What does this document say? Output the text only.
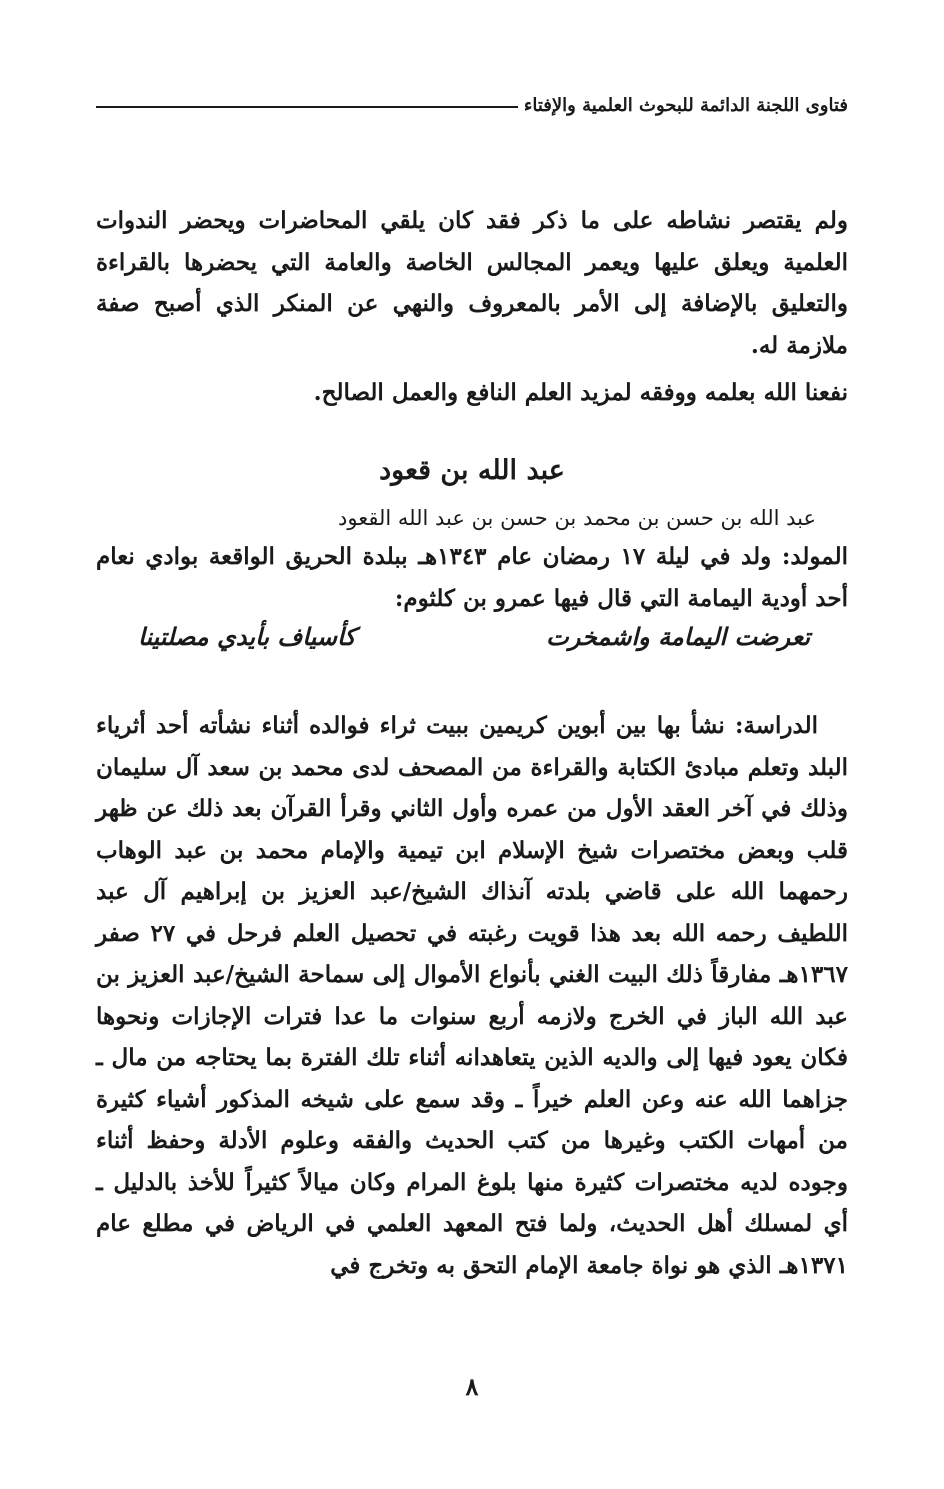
فتاوى اللجنة الدائمة للبحوث العلمية والإفتاء

ولم يقتصر نشاطه على ما ذكر فقد كان يلقي المحاضرات ويحضر الندوات العلمية ويعلق عليها ويعمر المجالس الخاصة والعامة التي يحضرها بالقراءة والتعليق بالإضافة إلى الأمر بالمعروف والنهي عن المنكر الذي أصبح صفة ملازمة له.

نفعنا الله بعلمه ووفقه لمزيد العلم النافع والعمل الصالح.

عبد الله بن قعود
عبد الله بن حسن بن محمد بن حسن بن عبد الله القعود

المولد: ولد في ليلة ١٧ رمضان عام ١٣٤٣هـ ببلدة الحريق الواقعة بوادي نعام أحد أودية اليمامة التي قال فيها عمرو بن كلثوم:

تعرضت اليمامة واشمخرت
كأسياف بأيدي مصلتينا

الدراسة: نشأ بها بين أبوين كريمين ببيت ثراء فوالده أثناء نشأته أحد أثرياء البلد وتعلم مبادئ الكتابة والقراءة من المصحف لدى محمد بن سعد آل سليمان وذلك في آخر العقد الأول من عمره وأول الثاني وقرأ القرآن بعد ذلك عن ظهر قلب وبعض مختصرات شيخ الإسلام ابن تيمية والإمام محمد بن عبد الوهاب رحمهما الله على قاضي بلدته آنذاك الشيخ/عبد العزيز بن إبراهيم آل عبد اللطيف رحمه الله بعد هذا قويت رغبته في تحصيل العلم فرحل في ٢٧ صفر ١٣٦٧هـ مفارقاً ذلك البيت الغني بأنواع الأموال إلى سماحة الشيخ/عبد العزيز بن عبد الله الباز في الخرج ولازمه أربع سنوات ما عدا فترات الإجازات ونحوها فكان يعود فيها إلى والديه الذين يتعاهدانه أثناء تلك الفترة بما يحتاجه من مال ـ جزاهما الله عنه وعن العلم خيراً ـ وقد سمع على شيخه المذكور أشياء كثيرة من أمهات الكتب وغيرها من كتب الحديث والفقه وعلوم الأدلة وحفظ أثناء وجوده لديه مختصرات كثيرة منها بلوغ المرام وكان ميالاً كثيراً للأخذ بالدليل ـ أي لمسلك أهل الحديث، ولما فتح المعهد العلمي في الرياض في مطلع عام ١٣٧١هـ الذي هو نواة جامعة الإمام التحق به وتخرج في

٨
